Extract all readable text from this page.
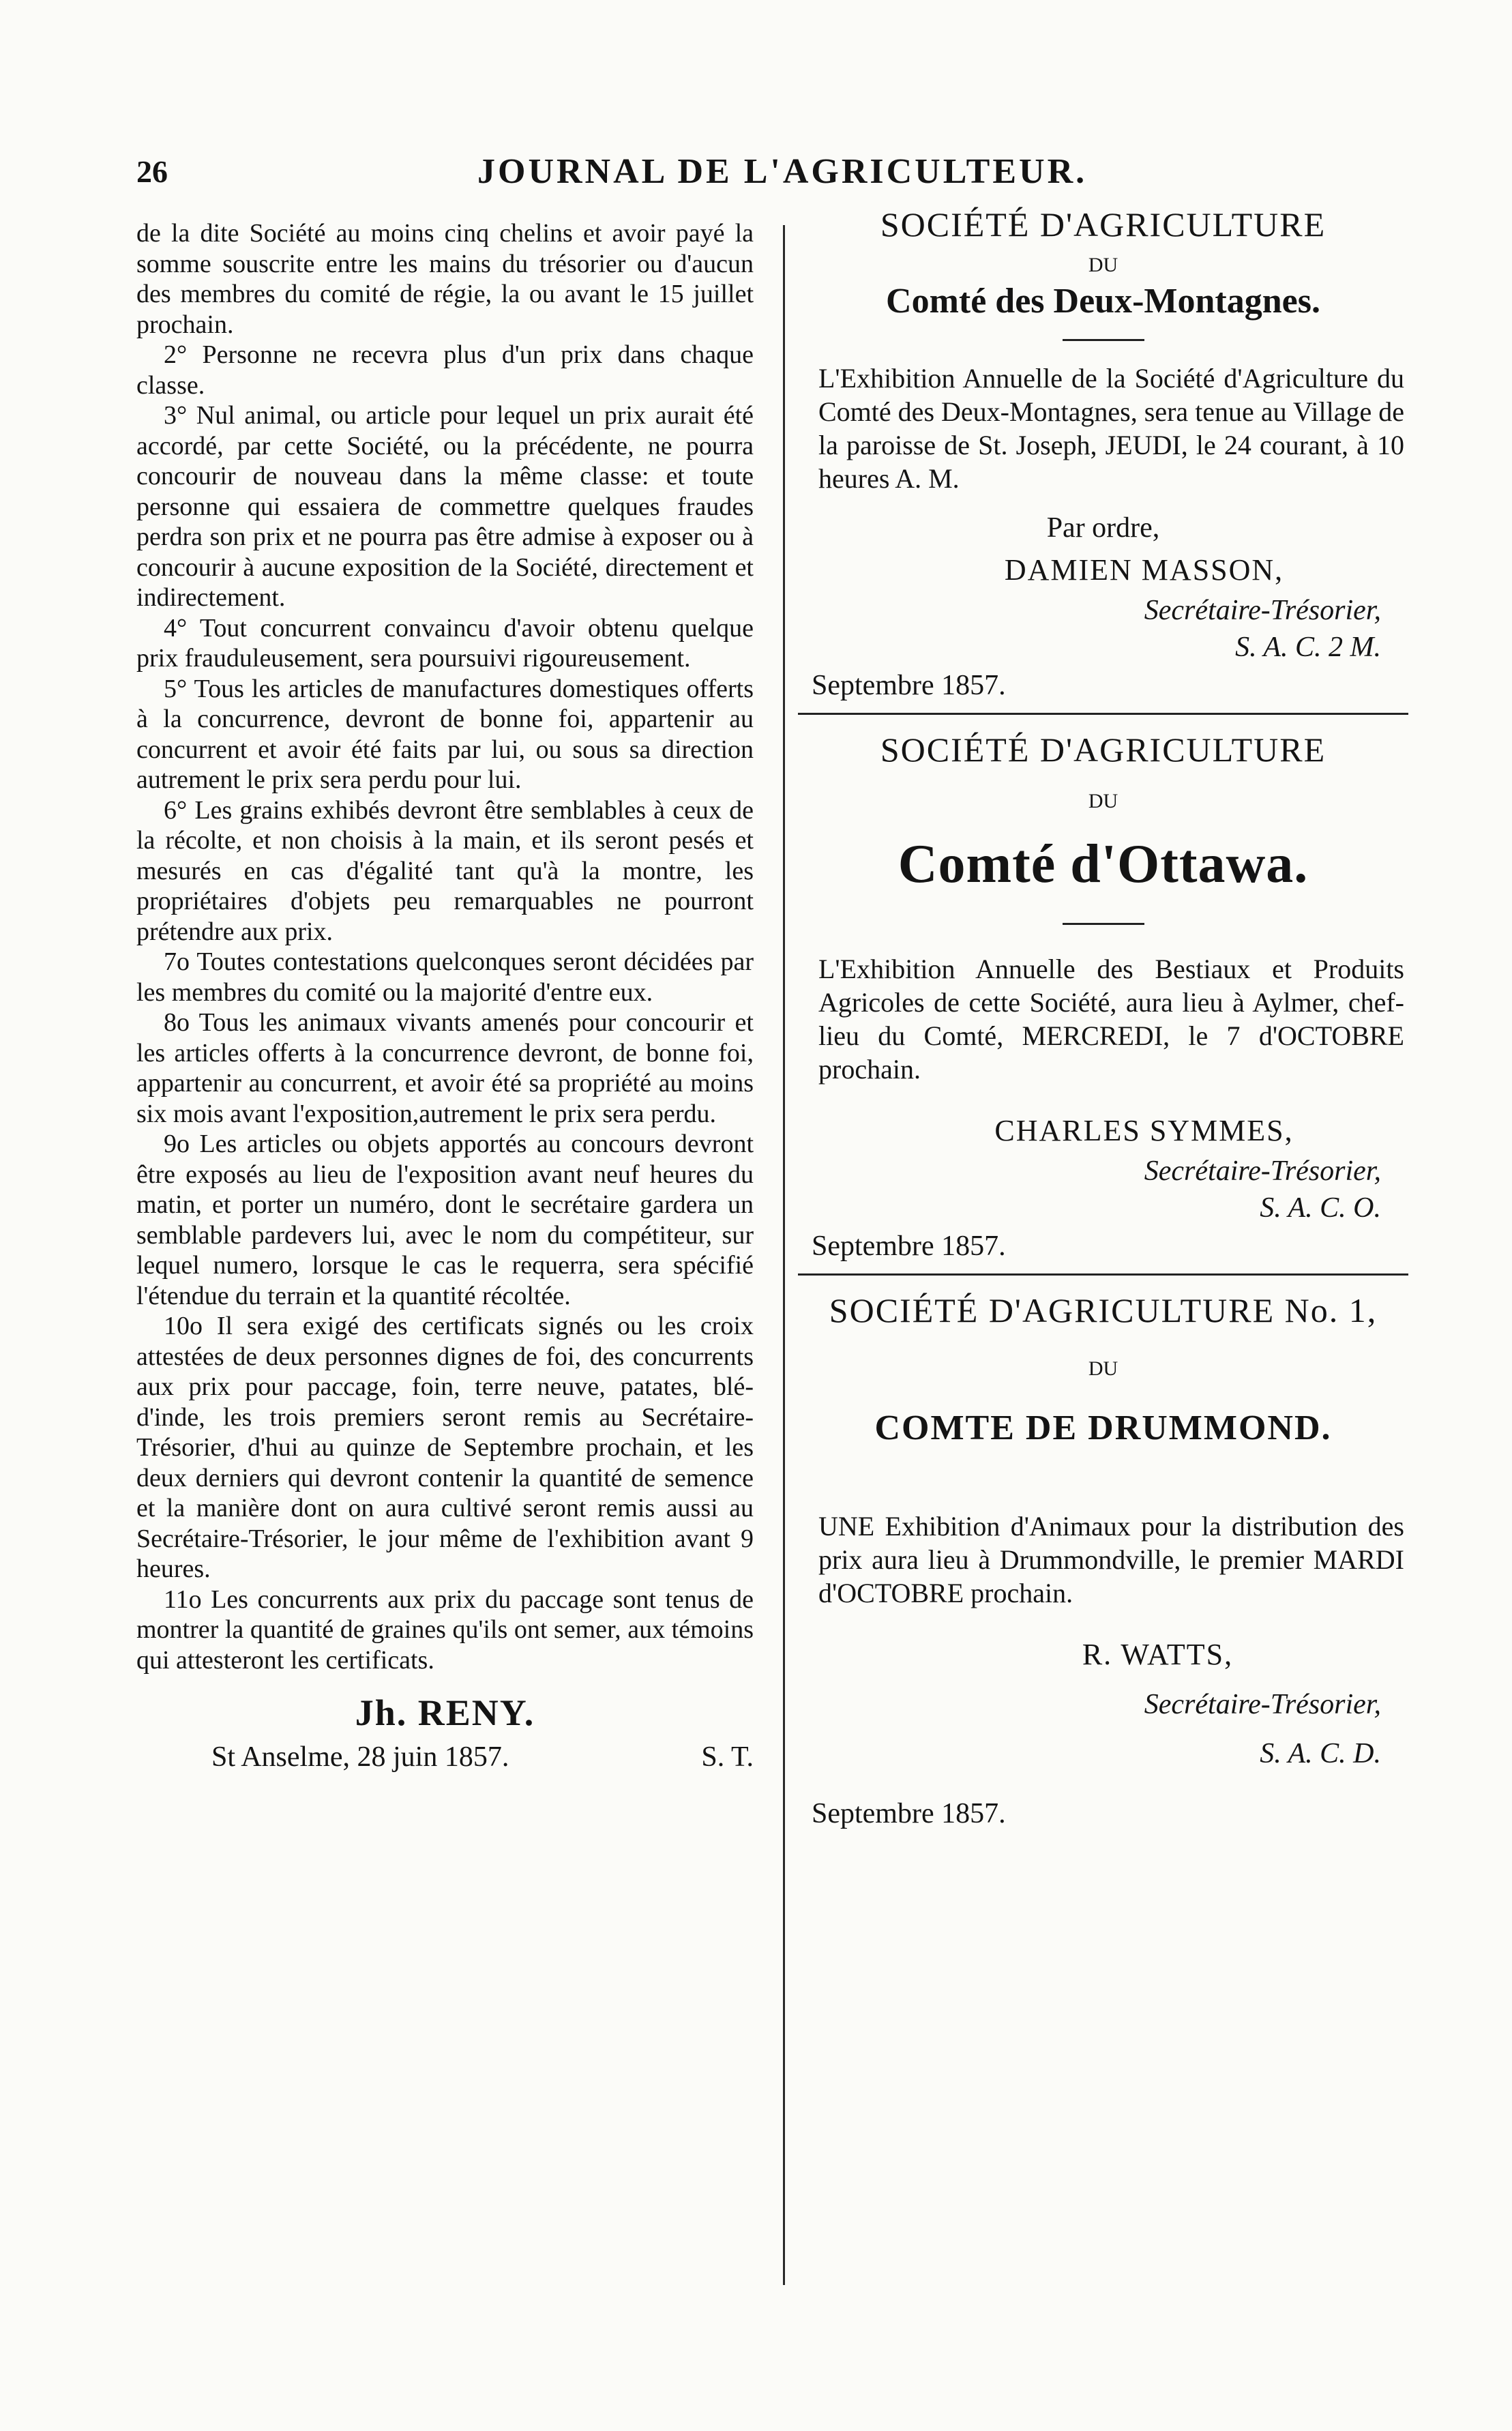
26	JOURNAL DE L'AGRICULTEUR.

de la dite Société au moins cinq chelins et avoir payé la somme souscrite entre les mains du trésorier ou d'aucun des membres du comité de régie, la ou avant le 15 juillet prochain.

2° Personne ne recevra plus d'un prix dans chaque classe.

3° Nul animal, ou article pour lequel un prix aurait été accordé, par cette Société, ou la précédente, ne pourra concourir de nouveau dans la même classe: et toute personne qui essaiera de commettre quelques fraudes perdra son prix et ne pourra pas être admise à exposer ou à concourir à aucune exposition de la Société, directement et indirectement.

4° Tout concurrent convaincu d'avoir obtenu quelque prix frauduleusement, sera poursuivi rigoureusement.

5° Tous les articles de manufactures domestiques offerts à la concurrence, devront de bonne foi, appartenir au concurrent et avoir été faits par lui, ou sous sa direction autrement le prix sera perdu pour lui.

6° Les grains exhibés devront être semblables à ceux de la récolte, et non choisis à la main, et ils seront pesés et mesurés en cas d'égalité tant qu'à la montre, les propriétaires d'objets peu remarquables ne pourront prétendre aux prix.

7o Toutes contestations quelconques seront décidées par les membres du comité ou la majorité d'entre eux.

8o Tous les animaux vivants amenés pour concourir et les articles offerts à la concurrence devront, de bonne foi, appartenir au concurrent, et avoir été sa propriété au moins six mois avant l'exposition,autrement le prix sera perdu.

9o Les articles ou objets apportés au concours devront être exposés au lieu de l'exposition avant neuf heures du matin, et porter un numéro, dont le secrétaire gardera un semblable pardevers lui, avec le nom du compétiteur, sur lequel numero, lorsque le cas le requerra, sera spécifié l'étendue du terrain et la quantité récoltée.

10o Il sera exigé des certificats signés ou les croix attestées de deux personnes dignes de foi, des concurrents aux prix pour paccage, foin, terre neuve, patates, blé-d'inde, les trois premiers seront remis au Secrétaire-Trésorier, d'hui au quinze de Septembre prochain, et les deux derniers qui devront contenir la quantité de semence et la manière dont on aura cultivé seront remis aussi au Secrétaire-Trésorier, le jour même de l'exhibition avant 9 heures.

11o Les concurrents aux prix du paccage sont tenus de montrer la quantité de graines qu'ils ont semer, aux témoins qui attesteront les certificats.

Jh. RENY.
St Anselme, 28 juin 1857.	S. T.
SOCIÉTÉ D'AGRICULTURE
DU
Comté des Deux-Montagnes.
L'Exhibition Annuelle de la Société d'Agriculture du Comté des Deux-Montagnes, sera tenue au Village de la paroisse de St. Joseph, JEUDI, le 24 courant, à 10 heures A. M.
Par ordre,
DAMIEN MASSON,
Secrétaire-Trésorier,
S. A. C. 2 M.
Septembre 1857.
SOCIÉTÉ D'AGRICULTURE
DU
Comté d'Ottawa.
L'Exhibition Annuelle des Bestiaux et Produits Agricoles de cette Société, aura lieu à Aylmer, chef-lieu du Comté, MERCREDI, le 7 d'OCTOBRE prochain.
CHARLES SYMMES,
Secrétaire-Trésorier,
S. A. C. O.
Septembre 1857.
SOCIÉTÉ D'AGRICULTURE No. 1,
DU
COMTE DE DRUMMOND.
UNE Exhibition d'Animaux pour la distribution des prix aura lieu à Drummondville, le premier MARDI d'OCTOBRE prochain.
R. WATTS,
Secrétaire-Trésorier,
S. A. C. D.
Septembre 1857.
